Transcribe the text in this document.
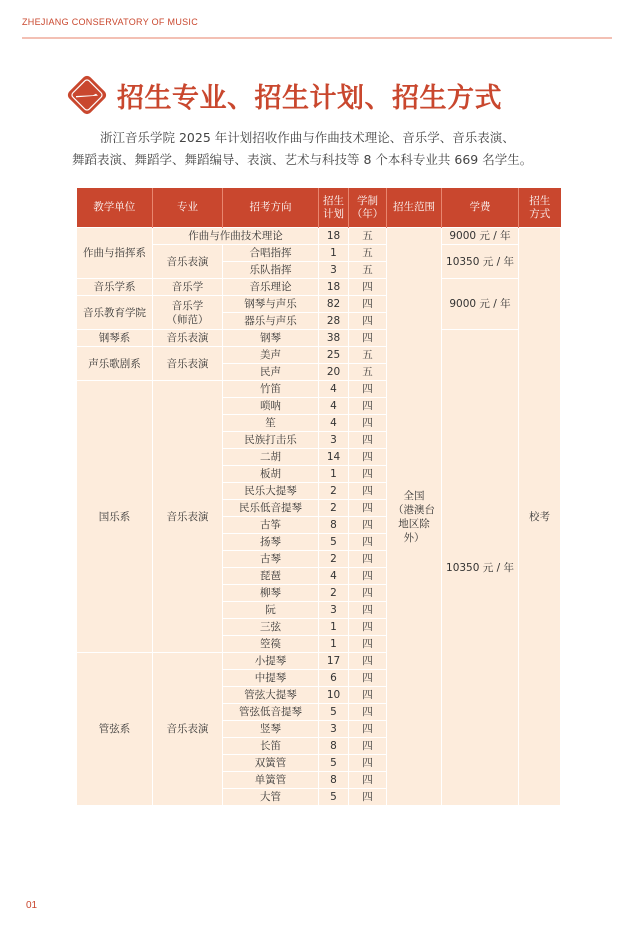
ZHEJIANG CONSERVATORY OF MUSIC
招生专业、招生计划、招生方式

浙江音乐学院 2025 年计划招收作曲与作曲技术理论、音乐学、音乐表演、

舞蹈表演、舞蹈学、舞蹈编导、表演、艺术与科技等 8 个本科专业共 669 名学生。

教学单位	专业	招考方向	招生
计划	学制
（年）	招生范围	学费	招生
方式
作曲与指挥系	作曲与作曲技术理论		18	五	全国
（港澳台
地区除
外）	9000 元 / 年	校考
	音乐表演	合唱指挥	1	五		10350 元 / 年	
		乐队指挥	3	五			
音乐学系	音乐学	音乐理论	18	四		9000 元 / 年	
音乐教育学院	音乐学
（师范）	钢琴与声乐	82	四			
		器乐与声乐	28	四			
钢琴系	音乐表演	钢琴	38	四		10350 元 / 年	
声乐歌剧系	音乐表演	美声	25	五			
		民声	20	五			
国乐系	音乐表演	竹笛	4	四			
		唢呐	4	四			
		笙	4	四			
		民族打击乐	3	四			
		二胡	14	四			
		板胡	1	四			
		民乐大提琴	2	四			
		民乐低音提琴	2	四			
		古筝	8	四			
		扬琴	5	四			
		古琴	2	四			
		琵琶	4	四			
		柳琴	2	四			
		阮	3	四			
		三弦	1	四			
		箜篌	1	四			
管弦系	音乐表演	小提琴	17	四			
		中提琴	6	四			
		管弦大提琴	10	四			
		管弦低音提琴	5	四			
		竖琴	3	四			
		长笛	8	四			
		双簧管	5	四			
		单簧管	8	四			
		大管	5	四			
01
